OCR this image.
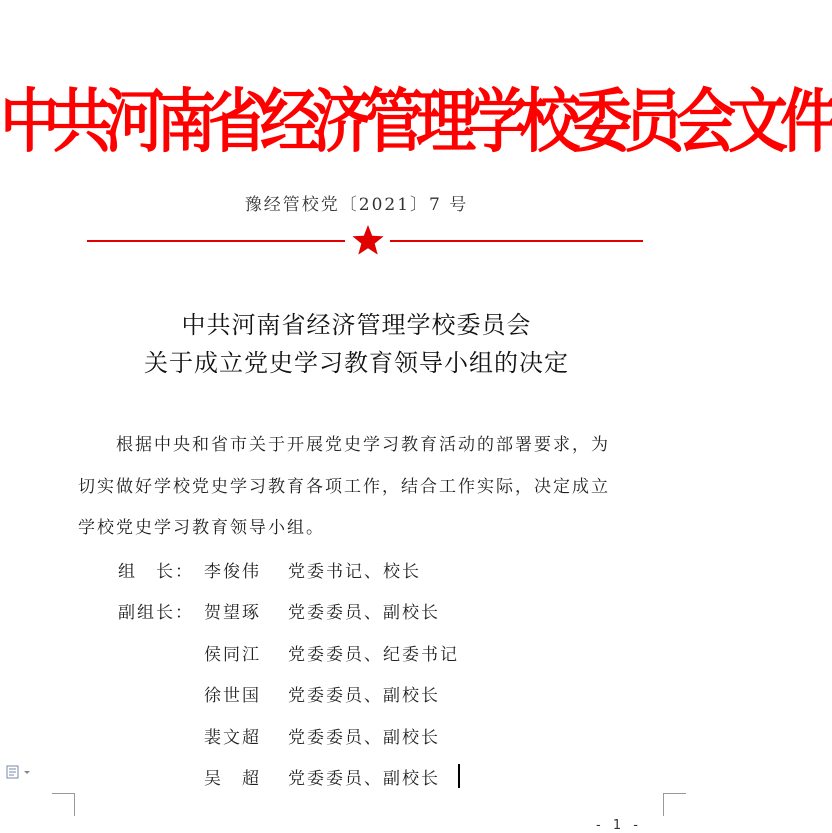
中共河南省经济管理学校委员会文件
豫经管校党〔2021〕7 号
中共河南省经济管理学校委员会
关于成立党史学习教育领导小组的决定
　　根据中央和省市关于开展党史学习教育活动的部署要求，为
切实做好学校党史学习教育各项工作，结合工作实际，决定成立
学校党史学习教育领导小组。
组　长： 李俊伟 党委书记、校长
副组长： 贺望琢 党委委员、副校长
侯同江 党委委员、纪委书记
徐世国 党委委员、副校长
裴文超 党委委员、副校长
吴　超 党委委员、副校长
- 1 -
